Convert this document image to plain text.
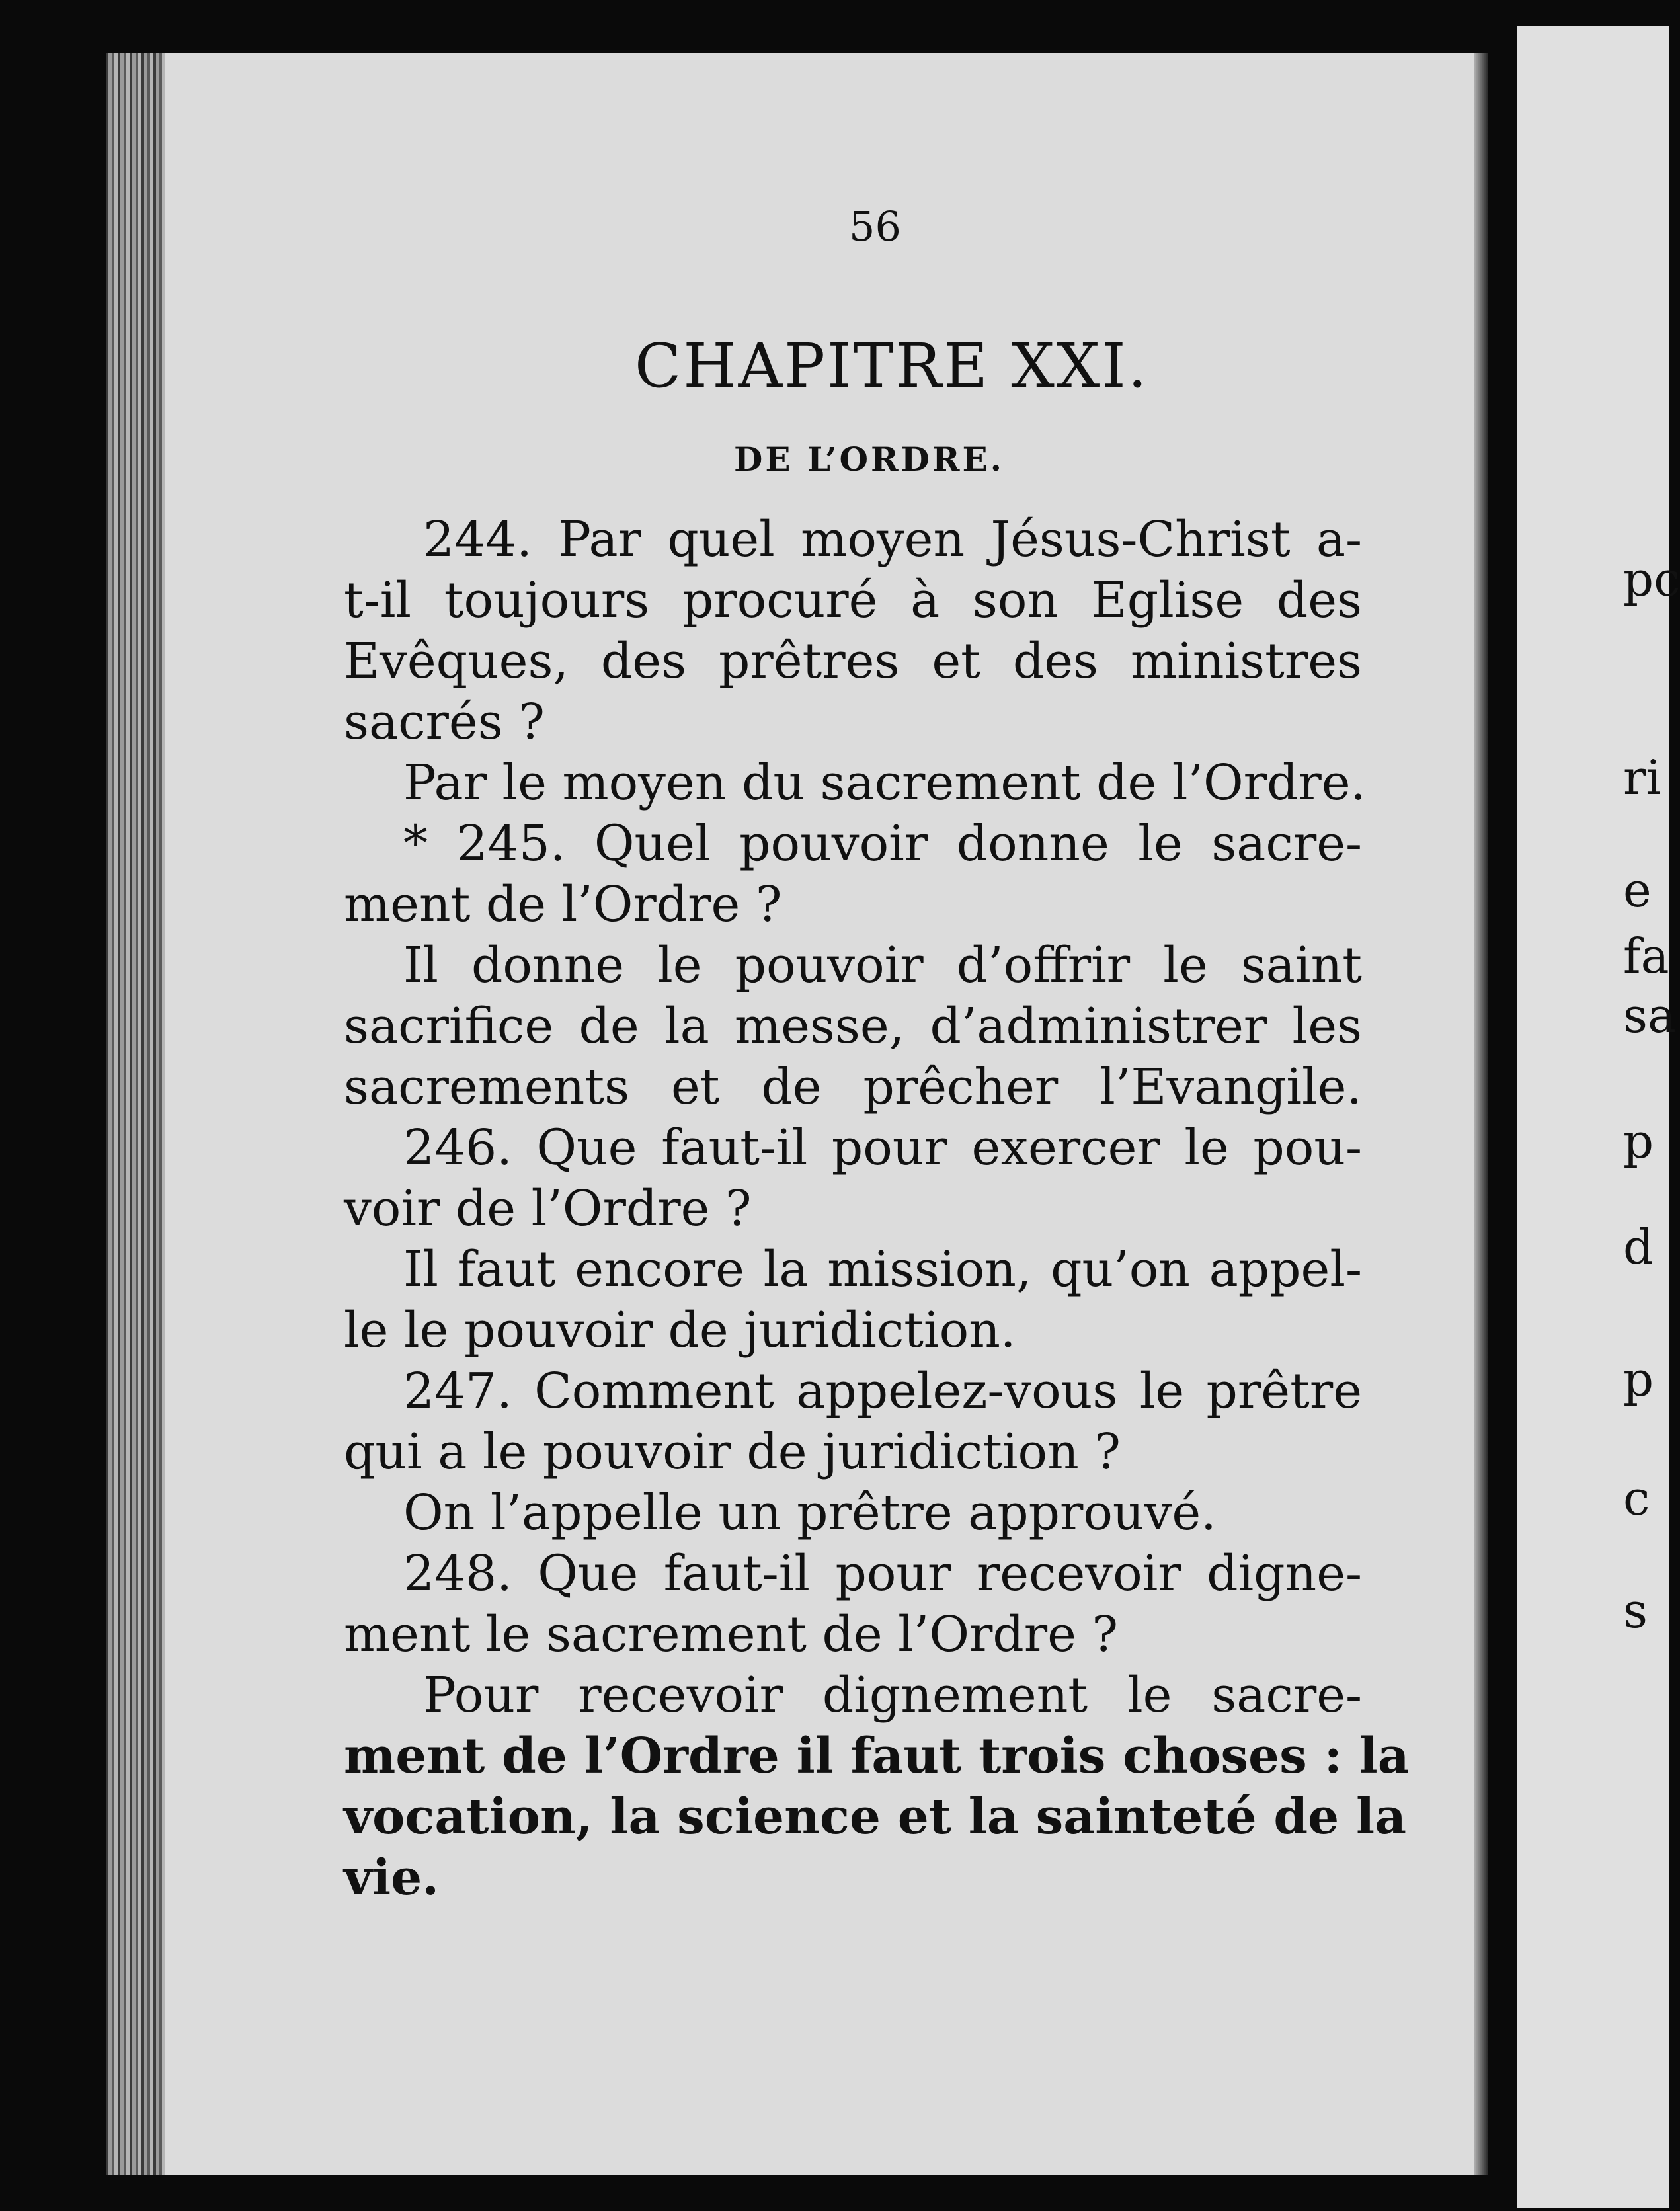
pc
ri
e
fa
sa
p
d
p
c
s
56
CHAPITRE XXI.
DE L’ORDRE.
244. Par quel moyen Jésus-Christ a-
t-il toujours procuré à son Eglise des
Evêques, des prêtres et des ministres
sacrés ?
Par le moyen du sacrement de l’Ordre.
* 245. Quel pouvoir donne le sacre-
ment de l’Ordre ?
Il donne le pouvoir d’offrir le saint
sacrifice de la messe, d’administrer les
sacrements et de prêcher l’Evangile.
246. Que faut-il pour exercer le pou-
voir de l’Ordre ?
Il faut encore la mission, qu’on appel-
le le pouvoir de juridiction.
247. Comment appelez-vous le prêtre
qui a le pouvoir de juridiction ?
On l’appelle un prêtre approuvé.
248. Que faut-il pour recevoir digne-
ment le sacrement de l’Ordre ?
Pour recevoir dignement le sacre-
ment de l’Ordre il faut trois choses : la
vocation, la science et la sainteté de la
vie.
